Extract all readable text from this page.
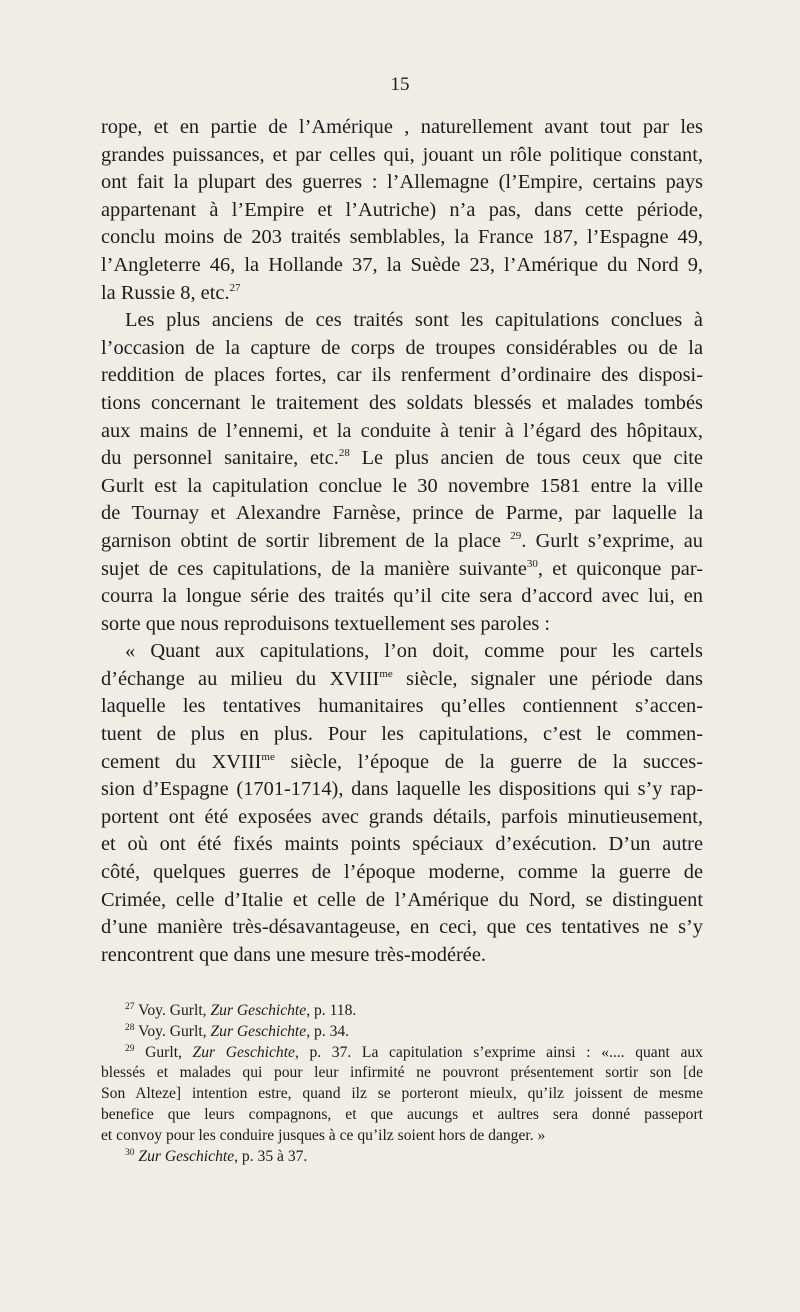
15
rope, et en partie de l’Amérique , naturellement avant tout par les
grandes puissances, et par celles qui, jouant un rôle politique constant,
ont fait la plupart des guerres : l’Allemagne (l’Empire, certains pays
appartenant à l’Empire et l’Autriche) n’a pas, dans cette période,
conclu moins de 203 traités semblables, la France 187, l’Espagne 49,
l’Angleterre 46, la Hollande 37, la Suède 23, l’Amérique du Nord 9,
la Russie 8, etc.$^{27}$
Les plus anciens de ces traités sont les capitulations conclues à
l’occasion de la capture de corps de troupes considérables ou de la
reddition de places fortes, car ils renferment d’ordinaire des disposi-
tions concernant le traitement des soldats blessés et malades tombés
aux mains de l’ennemi, et la conduite à tenir à l’égard des hôpitaux,
du personnel sanitaire, etc.$^{28}$ Le plus ancien de tous ceux que cite
Gurlt est la capitulation conclue le 30 novembre 1581 entre la ville
de Tournay et Alexandre Farnèse, prince de Parme, par laquelle la
garnison obtint de sortir librement de la place $^{29}$. Gurlt s’exprime, au
sujet de ces capitulations, de la manière suivante$^{30}$, et quiconque par-
courra la longue série des traités qu’il cite sera d’accord avec lui, en
sorte que nous reproduisons textuellement ses paroles :
« Quant aux capitulations, l’on doit, comme pour les cartels
d’échange au milieu du $XVIII^{me}$ siècle, signaler une période dans
laquelle les tentatives humanitaires qu’elles contiennent s’accen-
tuent de plus en plus. Pour les capitulations, c’est le commen-
cement du $XVIII^{me}$ siècle, l’époque de la guerre de la succes-
sion d’Espagne (1701-1714), dans laquelle les dispositions qui s’y rap-
portent ont été exposées avec grands détails, parfois minutieusement,
et où ont été fixés maints points spéciaux d’exécution. D’un autre
côté, quelques guerres de l’époque moderne, comme la guerre de
Crimée, celle d’Italie et celle de l’Amérique du Nord, se distinguent
d’une manière très-désavantageuse, en ceci, que ces tentatives ne s’y
rencontrent que dans une mesure très-modérée.
$^{27}$ Voy. Gurlt, Zur Geschichte, p. 118.
$^{28}$ Voy. Gurlt, Zur Geschichte, p. 34.
$^{29}$ Gurlt, Zur Geschichte, p. 37. La capitulation s’exprime ainsi : «.... quant aux
blessés et malades qui pour leur infirmité ne pouvront présentement sortir son [de
Son Alteze] intention estre, quand ilz se porteront mieulx, qu’ilz joissent de mesme
benefice que leurs compagnons, et que aucungs et aultres sera donné passeport
et convoy pour les conduire jusques à ce qu’ilz soient hors de danger. »
$^{30}$ Zur Geschichte, p. 35 à 37.
